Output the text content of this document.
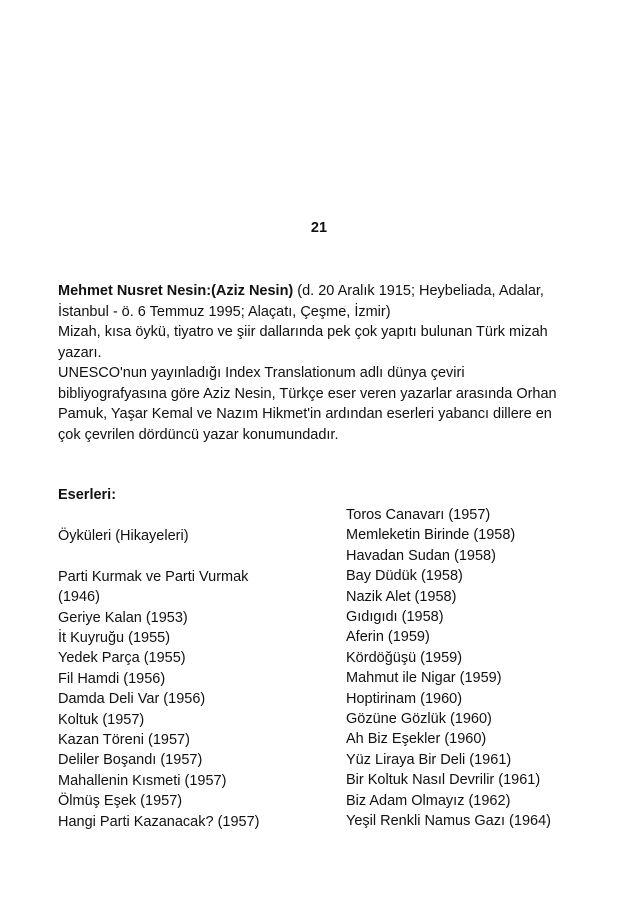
21

Mehmet Nusret Nesin:(Aziz Nesin) (d. 20 Aralık 1915; Heybeliada, Adalar,
İstanbul - ö. 6 Temmuz 1995; Alaçatı, Çeşme, İzmir)
Mizah, kısa öykü, tiyatro ve şiir dallarında pek çok yapıtı bulunan Türk mizah
yazarı.
UNESCO'nun yayınladığı Index Translationum adlı dünya çeviri
bibliyografyasına göre Aziz Nesin, Türkçe eser veren yazarlar arasında Orhan
Pamuk, Yaşar Kemal ve Nazım Hikmet'in ardından eserleri yabancı dillere en
çok çevrilen dördüncü yazar konumundadır.

Eserleri:
Öyküleri (Hikayeleri)
Parti Kurmak ve Parti Vurmak
(1946)
Geriye Kalan (1953)
İt Kuyruğu (1955)
Yedek Parça (1955)
Fil Hamdi (1956)
Damda Deli Var (1956)
Koltuk (1957)
Kazan Töreni (1957)
Deliler Boşandı (1957)
Mahallenin Kısmeti (1957)
Ölmüş Eşek (1957)
Hangi Parti Kazanacak? (1957)
Toros Canavarı (1957)
Memleketin Birinde (1958)
Havadan Sudan (1958)
Bay Düdük (1958)
Nazik Alet (1958)
Gıdıgıdı (1958)
Aferin (1959)
Kördöğüşü (1959)
Mahmut ile Nigar (1959)
Hoptirinam (1960)
Gözüne Gözlük (1960)
Ah Biz Eşekler (1960)
Yüz Liraya Bir Deli (1961)
Bir Koltuk Nasıl Devrilir (1961)
Biz Adam Olmayız (1962)
Yeşil Renkli Namus Gazı (1964)
